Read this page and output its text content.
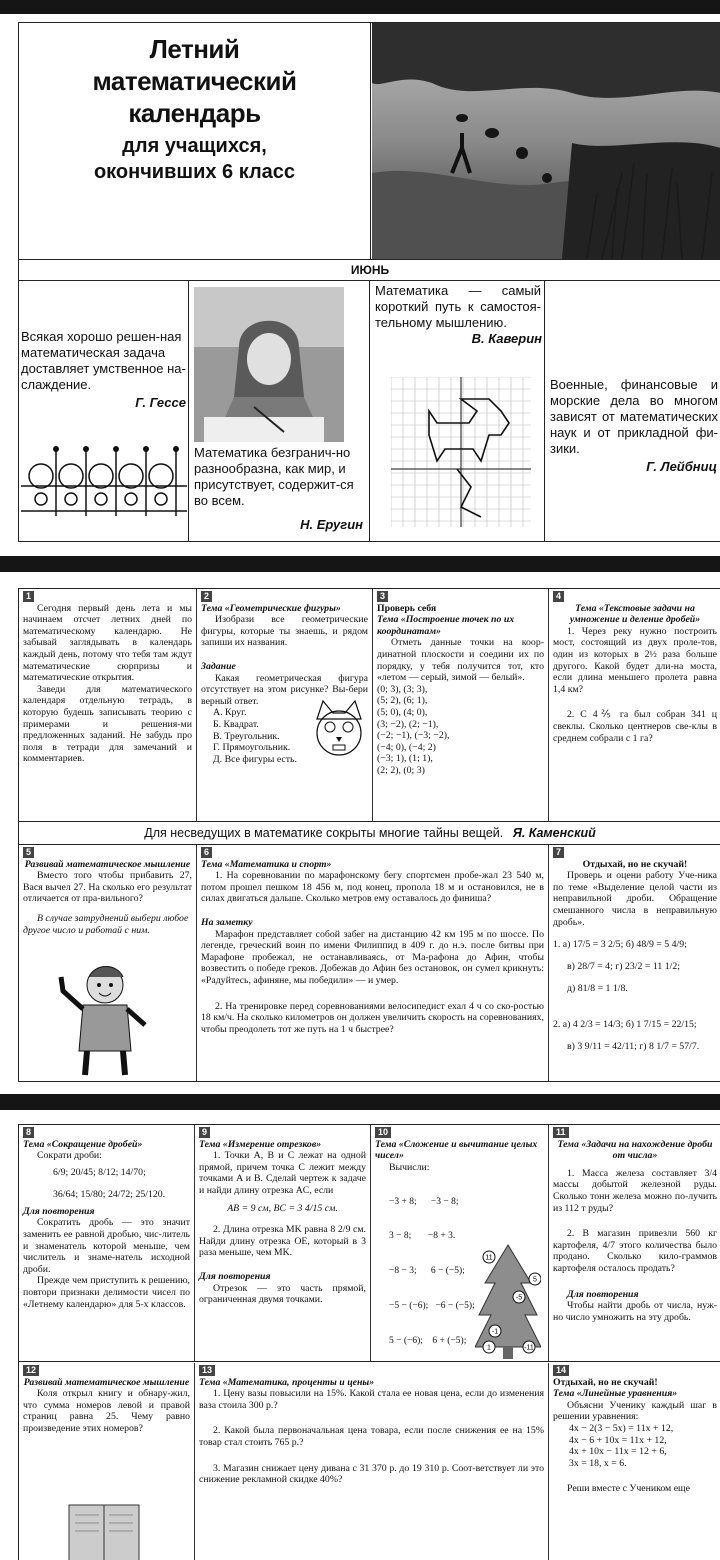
Летний
математический
календарь
для учащихся,
окончивших 6 класс
ИЮНЬ
Всякая хорошо решен-ная математическая задача доставляет умственное на-слаждение.
Г. Гессе
Математика безгранич-но разнообразна, как мир, и присутствует, содержит-ся во всем.
Н. Еругин
Математика — самый короткий путь к самостоя-тельному мышлению.
В. Каверин
Военные, финансовые и морские дела во многом зависят от математических наук и от прикладной фи-зики.
Г. Лейбниц
1
Сегодня первый день лета и мы начинаем отсчет летних дней по математическому календарю. Не забывай заглядывать в календарь каждый день, потому что тебя там ждут математические сюрпризы и математические открытия.
Заведи для математического календаря отдельную тетрадь, в которую будешь записывать теорию с примерами и решения-ми предложенных заданий. Не забудь про поля в тетради для замечаний и комментариев.
2
Тема «Геометрические фигуры»
Изобрази все геометрические фигуры, которые ты знаешь, и рядом запиши их названия.
Задание
Какая геометрическая фигура отсутствует на этом рисунке? Вы-бери верный ответ.
А. Круг.
Б. Квадрат.
В. Треугольник.
Г. Прямоугольник.
Д. Все фигуры есть.
3
Проверь себя
Тема «Построение точек по их координатам»
Отметь данные точки на коор-динатной плоскости и соедини их по порядку, у тебя получится тот, кто «летом — серый, зимой — белый».
(0; 3), (3; 3),
(5; 2), (6; 1),
(5; 0), (4; 0),
(3; −2), (2; −1),
(−2; −1), (−3; −2),
(−4; 0), (−4; 2)
(−3; 1), (1; 1),
(2; 2), (0; 3)
4
Тема «Текстовые задачи на умножение и деление дробей»
1. Через реку нужно построить мост, состоящий из двух проле-тов, один из которых в 2½ раза больше другого. Какой будет дли-на моста, если длина меньшего пролета равна 1,4 км?
2. С 4⅖ га был собран 341 ц свеклы. Сколько центнеров све-клы в среднем собрали с 1 га?
Для несведущих в математике сокрыты многие тайны вещей. Я. Каменский
5
Развивай математическое мышление
Вместо того чтобы прибавить 27, Вася вычел 27. На сколько его результат отличается от пра-вильного?
В случае затруднений выбери любое другое число и работай с ним.
6
Тема «Математика и спорт»
1. На соревновании по марафонскому бегу спортсмен пробе-жал 23 540 м, потом прошел пешком 18 456 м, под конец, пропола 18 м и остановился, не в силах двигаться дальше. Сколько метров ему оставалось до финиша?
На заметку
Марафон представляет собой забег на дистанцию 42 км 195 м по шоссе. По легенде, греческий воин по имени Филиппид в 409 г. до н.э. после битвы при Марафоне пробежал, не останавливаясь, от Ма-рафона до Афин, чтобы возвестить о победе греков. Добежав до Афин без остановок, он сумел крикнуть: «Радуйтесь, афиняне, мы победили» — и умер.
2. На тренировке перед соревнованиями велосипедист ехал 4 ч со ско-ростью 18 км/ч. На сколько километров он должен увеличить скорость на соревнованиях, чтобы преодолеть тот же путь на 1 ч быстрее?
7
Отдыхай, но не скучай!
Проверь и оцени работу Уче-ника по теме «Выделение целой части из неправильной дроби. Обращение смешанного числа в неправильную дробь».
1. а) 17/5 = 3 2/5; б) 48/9 = 5 4/9;
в) 28/7 = 4; г) 23/2 = 11 1/2;
д) 81/8 = 1 1/8.
2. а) 4 2/3 = 14/3; б) 1 7/15 = 22/15;
в) 3 9/11 = 42/11; г) 8 1/7 = 57/7.
8
Тема «Сокращение дробей»
Сократи дроби:
6/9; 20/45; 8/12; 14/70;
36/64; 15/80; 24/72; 25/120.
Для повторения
Сократить дробь — это значит заменить ее равной дробью, чис-литель и знаменатель которой меньше, чем числитель и знаме-натель исходной дроби.
Прежде чем приступить к решению, повтори признаки делимости чисел по «Летнему календарю» для 5-х классов.
9
Тема «Измерение отрезков»
1. Точки A, B и C лежат на одной прямой, причем точка C лежит между точками A и B. Сделай чертеж к задаче и найди длину отрезка AC, если
AB = 9 см, BC = 3 4/15 см.
2. Длина отрезка MK равна 8 2/9 см. Найди длину отрезка OE, который в 3 раза меньше, чем MK.
Для повторения
Отрезок — это часть прямой, ограниченная двумя точками.
10
Тема «Сложение и вычитание целых чисел»
Вычисли:

−3 + 8;      −3 − 8;

3 − 8;       −8 + 3.

−8 − 3;      6 − (−5);

−5 − (−6);   −6 − (−5);

5 − (−6);    6 + (−5);

11
-5
-1
-11
1
5
11
Тема «Задачи на нахождение дроби от числа»
1. Масса железа составляет 3/4 массы добытой железной руды. Сколько тонн железа можно по-лучить из 112 т руды?
2. В магазин привезли 560 кг картофеля, 4/7 этого количества было продано. Сколько кило-граммов картофеля осталось продать?
Для повторения
Чтобы найти дробь от числа, нуж-но число умножить на эту дробь.
12
Развивай математическое мышление
Коля открыл книгу и обнару-жил, что сумма номеров левой и правой страниц равна 25. Чему равно произведение этих номеров?
13
Тема «Математика, проценты и цены»
1. Цену вазы повысили на 15%. Какой стала ее новая цена, если до изменения ваза стоила 300 р.?
2. Какой была первоначальная цена товара, если после снижения ее на 15% товар стал стоить 765 р.?
3. Магазин снижает цену дивана с 31 370 р. до 19 310 р. Соот-ветствует ли это снижение рекламной скидке 40%?
14
Отдыхай, но не скучай!
Тема «Линейные уравнения»
Объясни Ученику каждый шаг в решении уравнения:
4x − 2(3 − 5x) = 11x + 12,
4x − 6 + 10x = 11x + 12,
4x + 10x − 11x = 12 + 6,
3x = 18, x = 6.
Реши вместе с Учеником еще
